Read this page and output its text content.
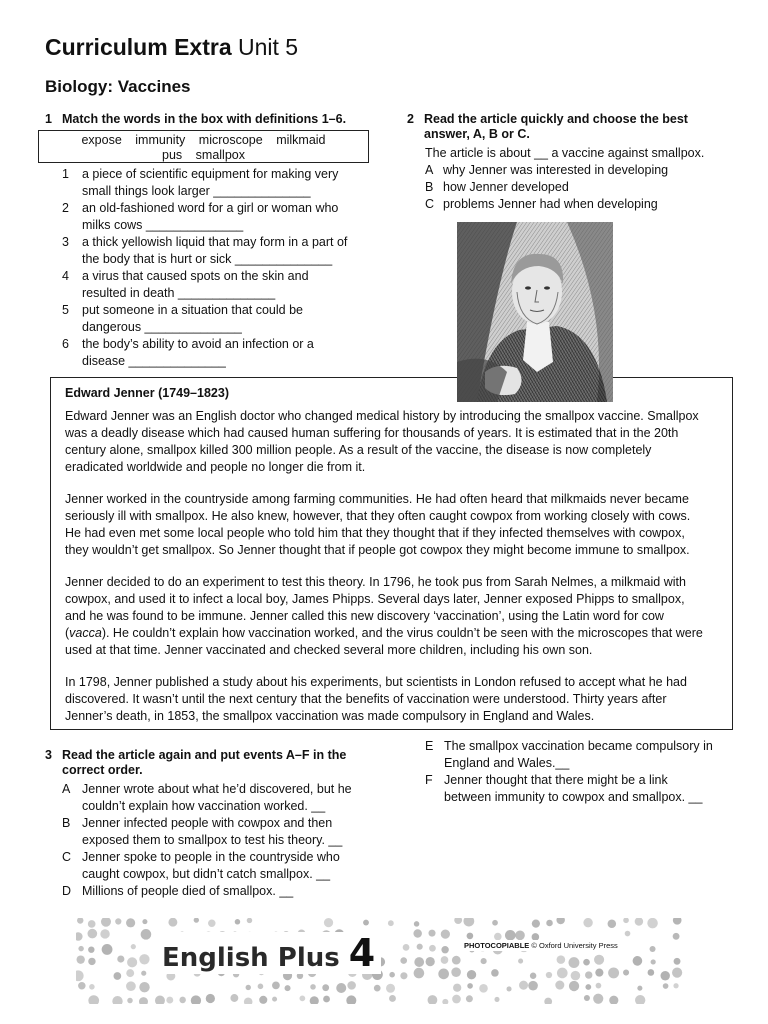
Curriculum Extra Unit 5
Biology: Vaccines
1 Match the words in the box with definitions 1–6.
expose immunity microscope milkmaid
pus smallpox
1 a piece of scientific equipment for making very
small things look larger ______________
2 an old-fashioned word for a girl or woman who
milks cows ______________
3 a thick yellowish liquid that may form in a part of
the body that is hurt or sick ______________
4 a virus that caused spots on the skin and
resulted in death ______________
5 put someone in a situation that could be
dangerous ______________
6 the body’s ability to avoid an infection or a
disease ______________
2 Read the article quickly and choose the best
answer, A, B or C.
The article is about __ a vaccine against smallpox.
A why Jenner was interested in developing
B how Jenner developed
C problems Jenner had when developing
Edward Jenner (1749–1823)

Edward Jenner was an English doctor who changed medical history by introducing the smallpox vaccine. Smallpox
was a deadly disease which had caused human suffering for thousands of years. It is estimated that in the 20th
century alone, smallpox killed 300 million people. As a result of the vaccine, the disease is now completely
eradicated worldwide and people no longer die from it.

Jenner worked in the countryside among farming communities. He had often heard that milkmaids never became
seriously ill with smallpox. He also knew, however, that they often caught cowpox from working closely with cows.
He had even met some local people who told him that they thought that if they infected themselves with cowpox,
they wouldn’t get smallpox. So Jenner thought that if people got cowpox they might become immune to smallpox.

Jenner decided to do an experiment to test this theory. In 1796, he took pus from Sarah Nelmes, a milkmaid with
cowpox, and used it to infect a local boy, James Phipps. Several days later, Jenner exposed Phipps to smallpox,
and he was found to be immune. Jenner called this new discovery ‘vaccination’, using the Latin word for cow
(vacca). He couldn’t explain how vaccination worked, and the virus couldn’t be seen with the microscopes that were
used at that time. Jenner vaccinated and checked several more children, including his own son.

In 1798, Jenner published a study about his experiments, but scientists in London refused to accept what he had
discovered. It wasn’t until the next century that the benefits of vaccination were understood. Thirty years after
Jenner’s death, in 1853, the smallpox vaccination was made compulsory in England and Wales.

3 Read the article again and put events A–F in the
correct order.
A Jenner wrote about what he’d discovered, but he
couldn’t explain how vaccination worked. __
B Jenner infected people with cowpox and then
exposed them to smallpox to test his theory. __
C Jenner spoke to people in the countryside who
caught cowpox, but didn’t catch smallpox. __
D Millions of people died of smallpox. __
E The smallpox vaccination became compulsory in
England and Wales.__
F Jenner thought that there might be a link
between immunity to cowpox and smallpox. __
English Plus 4	PHOTOCOPIABLE © Oxford University Press
